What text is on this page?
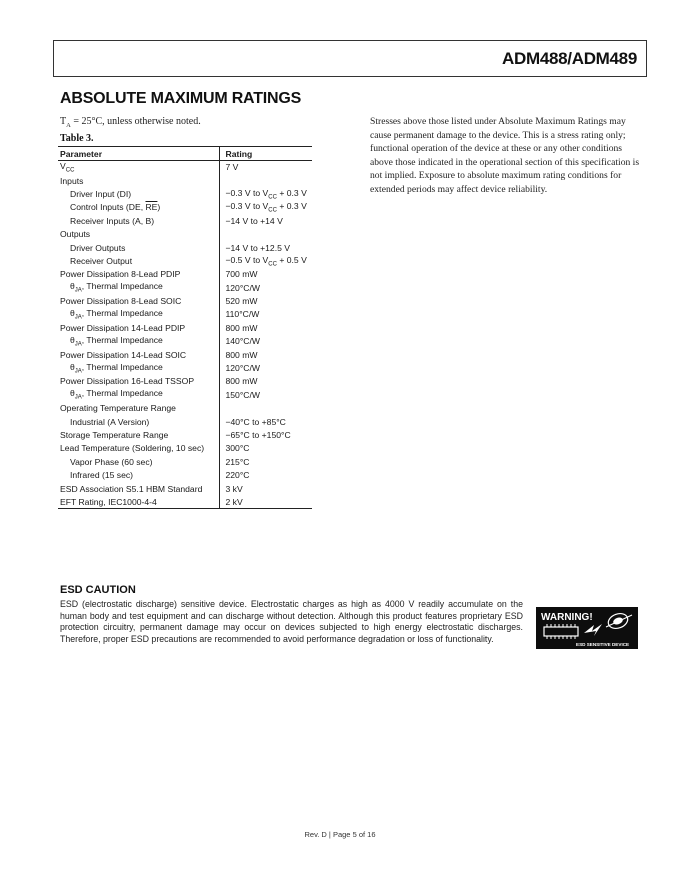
ADM488/ADM489
ABSOLUTE MAXIMUM RATINGS
$T_A = 25^\circ C$, unless otherwise noted.
Table 3.
Parameter	Rating
$V_{CC}$	7 V
Inputs	
Driver Input (DI)	−0.3 V to $V_{CC} + 0.3$ V
Control Inputs (DE, $\overline{RE}$)	−0.3 V to $V_{CC} + 0.3$ V
Receiver Inputs (A, B)	−14 V to +14 V
Outputs	
Driver Outputs	−14 V to +12.5 V
Receiver Output	−0.5 V to $V_{CC} + 0.5$ V
Power Dissipation 8-Lead PDIP	700 mW
$\theta_{JA}$, Thermal Impedance	120°C/W
Power Dissipation 8-Lead SOIC	520 mW
$\theta_{JA}$, Thermal Impedance	110°C/W
Power Dissipation 14-Lead PDIP	800 mW
$\theta_{JA}$, Thermal Impedance	140°C/W
Power Dissipation 14-Lead SOIC	800 mW
$\theta_{JA}$, Thermal Impedance	120°C/W
Power Dissipation 16-Lead TSSOP	800 mW
$\theta_{JA}$, Thermal Impedance	150°C/W
Operating Temperature Range	
Industrial (A Version)	−40°C to +85°C
Storage Temperature Range	−65°C to +150°C
Lead Temperature (Soldering, 10 sec)	300°C
Vapor Phase (60 sec)	215°C
Infrared (15 sec)	220°C
ESD Association S5.1 HBM Standard	3 kV
EFT Rating, IEC1000-4-4	2 kV
Stresses above those listed under Absolute Maximum Ratings may cause permanent damage to the device. This is a stress rating only; functional operation of the device at these or any other conditions above those indicated in the operational section of this specification is not implied. Exposure to absolute maximum rating conditions for extended periods may affect device reliability.
ESD CAUTION
ESD (electrostatic discharge) sensitive device. Electrostatic charges as high as 4000 V readily accumulate on the human body and test equipment and can discharge without detection. Although this product features proprietary ESD protection circuitry, permanent damage may occur on devices subjected to high energy electrostatic discharges. Therefore, proper ESD precautions are recommended to avoid performance degradation or loss of functionality.
WARNING!
ESD SENSITIVE DEVICE
Rev. D | Page 5 of 16
